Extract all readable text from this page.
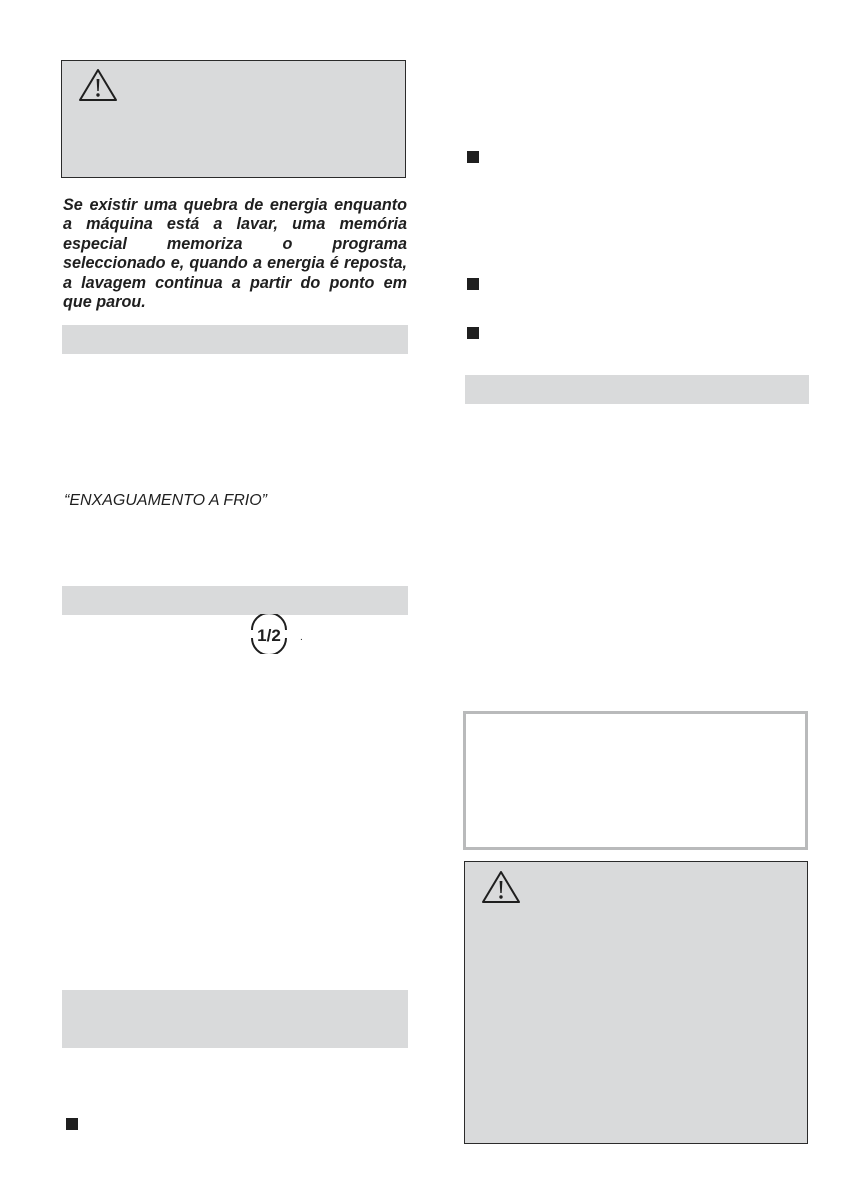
Se existir uma quebra de energia enquanto a máquina está a lavar, uma memória especial memoriza o programa seleccionado e, quando a energia é reposta, a lavagem continua a partir do ponto em que parou.
“ENXAGUAMENTO A FRIO”
1/2 .
